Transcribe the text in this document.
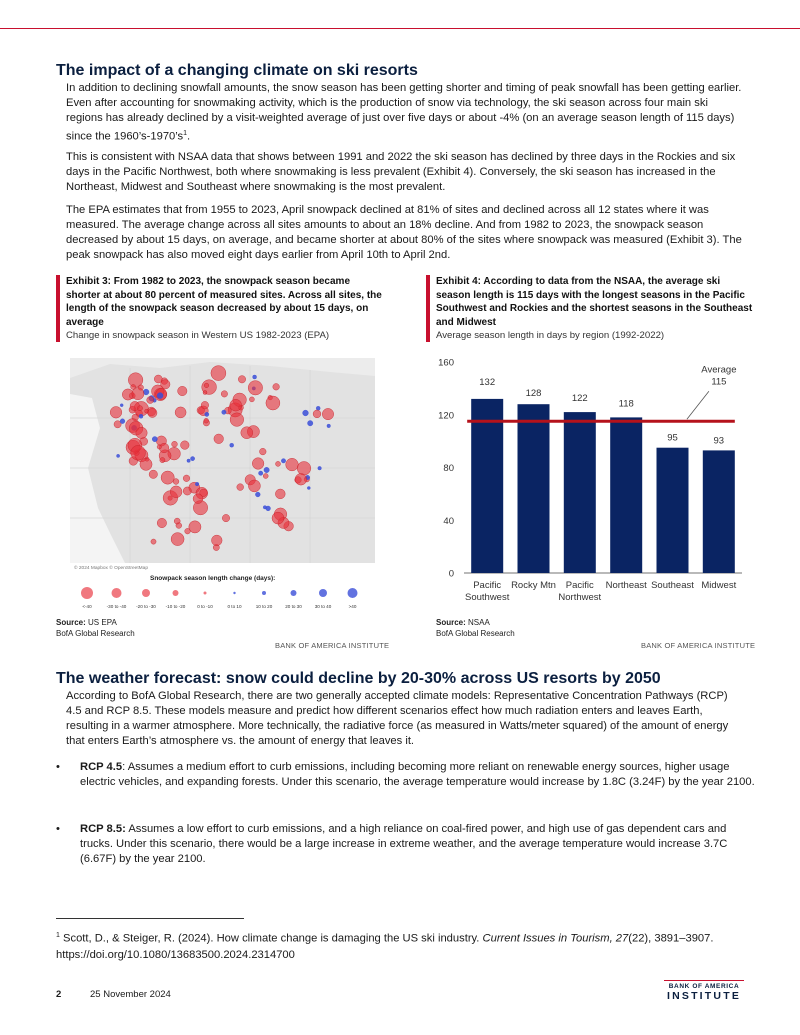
The impact of a changing climate on ski resorts

In addition to declining snowfall amounts, the snow season has been getting shorter and timing of peak snowfall has been getting earlier. Even after accounting for snowmaking activity, which is the production of snow via technology, the ski season across four main ski regions has already declined by a visit-weighted average of just over five days or about -4% (on an average season length of 115 days) since the $1960’s-1970’s^1$.

This is consistent with NSAA data that shows between 1991 and 2022 the ski season has declined by three days in the Rockies and six days in the Pacific Northwest, both where snowmaking is less prevalent (Exhibit 4). Conversely, the ski season has increased in the Northeast, Midwest and Southeast where snowmaking is the most prevalent.

The EPA estimates that from 1955 to 2023, April snowpack declined at 81% of sites and declined across all 12 states where it was measured. The average change across all sites amounts to about an 18% decline. And from 1982 to 2023, the snowpack season decreased by about 15 days, on average, and became shorter at about 80% of the sites where snowpack was measured (Exhibit 3). The peak snowpack has also moved eight days earlier from April 10th to April 2nd.

Exhibit 3: From 1982 to 2023, the snowpack season became shorter at about 80 percent of measured sites. Across all sites, the length of the snowpack season decreased by about 15 days, on average
Change in snowpack season in Western US 1982-2023 (EPA)
© 2024 Mapbox © OpenStreetMap
Snowpack season length change (days):
<-40	-30 to -40 -20 to -30 -10 to -20	0 to -10	0 to 10	10 to 20	20 to 30	30 to 40	>40
Source: US EPA
BofA Global Research
BANK OF AMERICA INSTITUTE
Exhibit 4: According to data from the NSAA, the average ski season length is 115 days with the longest seasons in the Pacific Southwest and Rockies and the shortest seasons in the Southeast and Midwest
Average season length in days by region (1992-2022)
0
40
80
120
160
132
Pacific
Southwest
128
Rocky Mtn
122
Pacific
Northwest
118
Northeast
95
Southeast
93
Midwest
Average
115
Source: NSAA
BofA Global Research
BANK OF AMERICA INSTITUTE
The weather forecast: snow could decline by 20-30% across US resorts by 2050

According to BofA Global Research, there are two generally accepted climate models: Representative Concentration Pathways (RCP) 4.5 and RCP 8.5. These models measure and predict how different scenarios effect how much radiation enters and leaves Earth, resulting in a warmer atmosphere. More technically, the radiative force (as measured in Watts/meter squared) of the amount of energy that enters Earth’s atmosphere vs. the amount of energy that leaves it.

• RCP 4.5: Assumes a medium effort to curb emissions, including becoming more reliant on renewable energy sources, higher usage electric vehicles, and expanding forests. Under this scenario, the average temperature would increase by 1.8C (3.24F) by the year 2100.
• RCP 8.5: Assumes a low effort to curb emissions, and a high reliance on coal-fired power, and high use of gas dependent cars and trucks. Under this scenario, there would be a large increase in extreme weather, and the average temperature would increase 3.7C (6.67F) by the year 2100.
$^1$ Scott, D., & Steiger, R. (2024). How climate change is damaging the US ski industry. Current Issues in Tourism, 27(22), 3891–3907. https://doi.org/10.1080/13683500.2024.2314700
2	25 November 2024
BANK OF AMERICA
INSTITUTE
